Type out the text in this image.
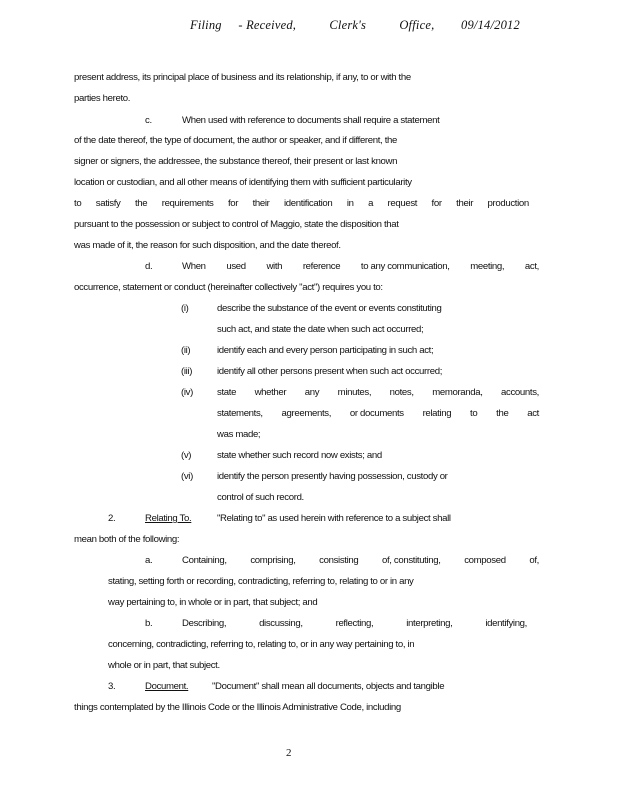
Filing - Received,	Clerk's	Office, 09/14/2012
present address, its principal place of business and its relationship, if any, to or with the
parties hereto.
c.	When used with reference to documents shall require a statement
of the date thereof, the type of document, the author or speaker, and if different, the
signer or signers, the addressee, the substance thereof, their present or last known
location or custodian, and all other means of identifying them with sufficient particularity
to satisfy the requirements for their identification in a request for their production
pursuant to the possession or subject to control of Maggio, state the disposition that
was made of it, the reason for such disposition, and the date thereof.
d.	When used with reference to any communication, meeting, act,
occurrence, statement or conduct (hereinafter collectively "act") requires you to:
(i)	describe the substance of the event or events constituting
such act, and state the date when such act occurred;
(ii)	identify each and every person participating in such act;
(iii)	identify all other persons present when such act occurred;
(iv)	state whether any minutes, notes, memoranda, accounts,
statements, agreements, or documents relating to the act
was made;
(v)	state whether such record now exists; and
(vi)	identify the person presently having possession, custody or
control of such record.
2.	Relating To.	"Relating to" as used herein with reference to a subject shall
mean both of the following:
a.	Containing, comprising, consisting of, constituting, composed of,
stating, setting forth or recording, contradicting, referring to, relating to or in any
way pertaining to, in whole or in part, that subject; and
b.	Describing,	discussing,	reflecting,	interpreting,	identifying,
concerning, contradicting, referring to, relating to, or in any way pertaining to, in
whole or in part, that subject.
3.	Document.	"Document" shall mean all documents, objects and tangible
things contemplated by the Illinois Code or the Illinois Administrative Code, including
2
